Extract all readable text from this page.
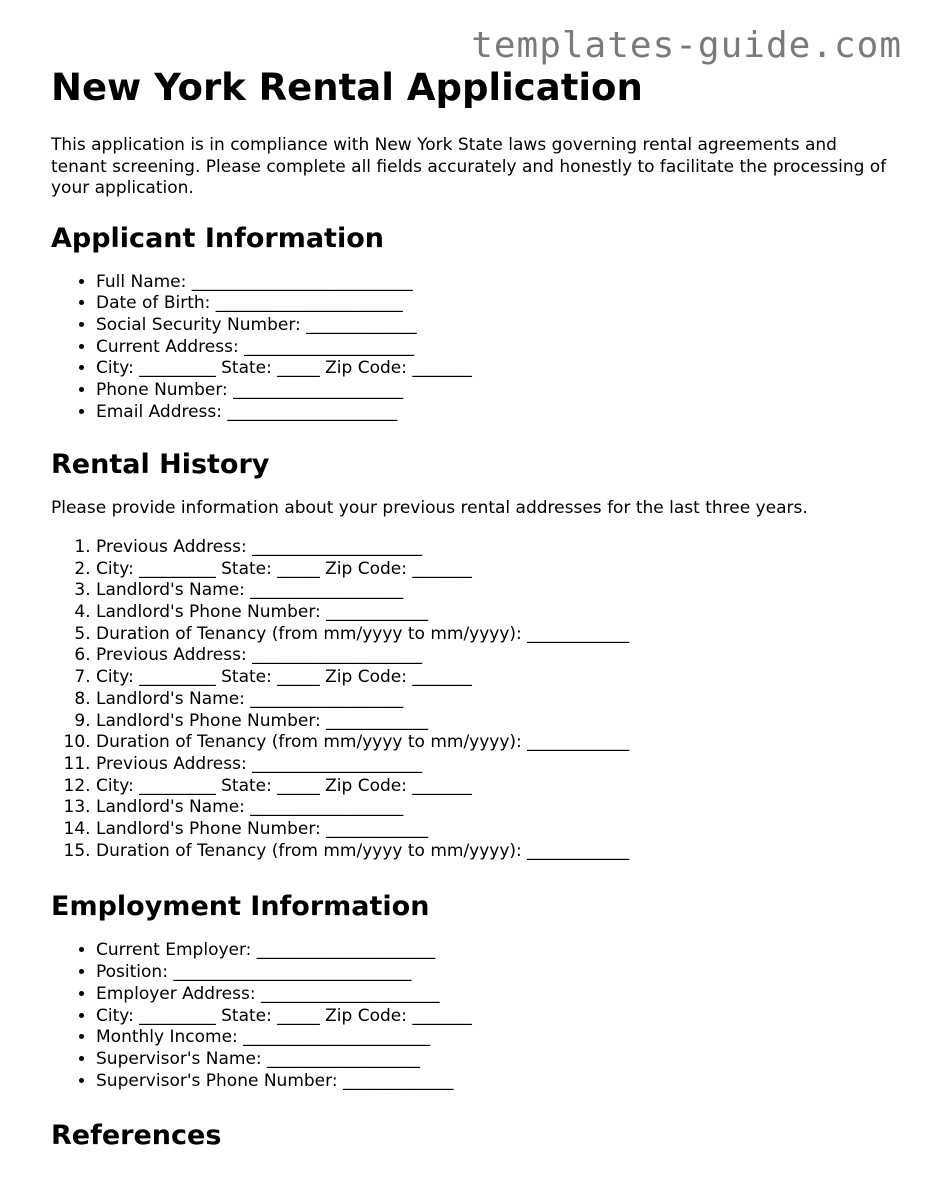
templates-guide.com
New York Rental Application

This application is in compliance with New York State laws governing rental agreements and tenant screening. Please complete all fields accurately and honestly to facilitate the processing of your application.

Applicant Information
• Full Name: __________________________
• Date of Birth: ______________________
• Social Security Number: _____________
• Current Address: ____________________
• City: _________ State: _____ Zip Code: _______
• Phone Number: ____________________
• Email Address: ____________________
Rental History

Please provide information about your previous rental addresses for the last three years.

1. Previous Address: ____________________
2. City: _________ State: _____ Zip Code: _______
3. Landlord's Name: __________________
4. Landlord's Phone Number: ____________
5. Duration of Tenancy (from mm/yyyy to mm/yyyy): ____________
6. Previous Address: ____________________
7. City: _________ State: _____ Zip Code: _______
8. Landlord's Name: __________________
9. Landlord's Phone Number: ____________
10. Duration of Tenancy (from mm/yyyy to mm/yyyy): ____________
11. Previous Address: ____________________
12. City: _________ State: _____ Zip Code: _______
13. Landlord's Name: __________________
14. Landlord's Phone Number: ____________
15. Duration of Tenancy (from mm/yyyy to mm/yyyy): ____________
Employment Information
• Current Employer: _____________________
• Position: ____________________________
• Employer Address: _____________________
• City: _________ State: _____ Zip Code: _______
• Monthly Income: ______________________
• Supervisor's Name: __________________
• Supervisor's Phone Number: _____________
References
